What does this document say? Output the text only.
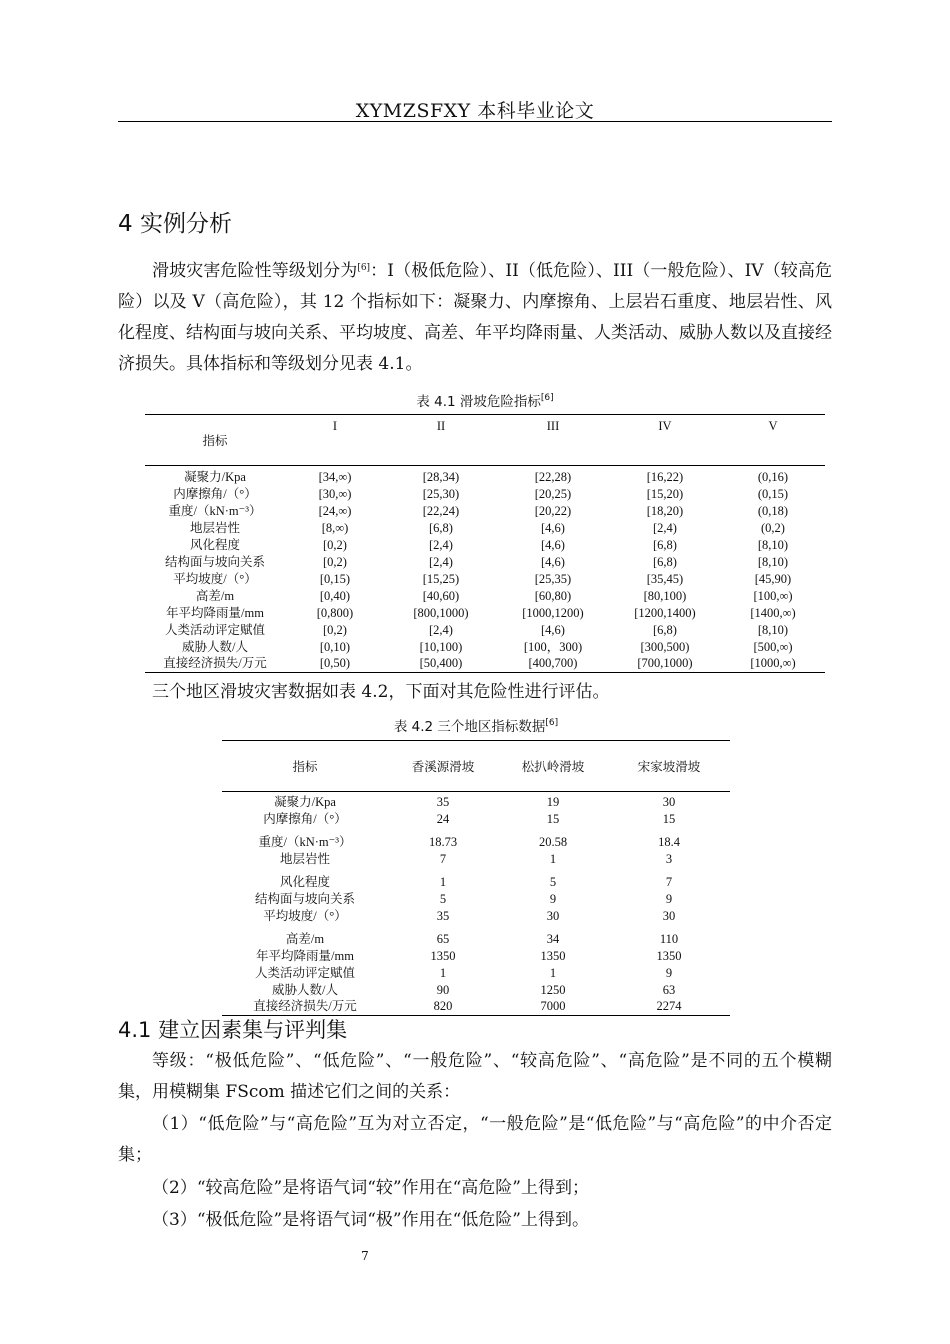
XYMZSFXY 本科毕业论文
4 实例分析
滑坡灾害危险性等级划分为[6]：I（极低危险）、II（低危险）、III（一般危险）、IV（较高危险）以及 V（高危险），其 12 个指标如下：凝聚力、内摩擦角、上层岩石重度、地层岩性、风化程度、结构面与坡向关系、平均坡度、高差、年平均降雨量、人类活动、威胁人数以及直接经济损失。具体指标和等级划分见表 4.1。
表 4.1 滑坡危险指标[6]
指标	I	II	III	IV	V
凝聚力/Kpa	[34,∞)	[28,34)	[22,28)	[16,22)	(0,16)
内摩擦角/（°）	[30,∞)	[25,30)	[20,25)	[15,20)	(0,15)
重度/（kN·m⁻³）	[24,∞)	[22,24)	[20,22)	[18,20)	(0,18)
地层岩性	[8,∞)	[6,8)	[4,6)	[2,4)	(0,2)
风化程度	[0,2)	[2,4)	[4,6)	[6,8)	[8,10)
结构面与坡向关系	[0,2)	[2,4)	[4,6)	[6,8)	[8,10)
平均坡度/（°）	[0,15)	[15,25)	[25,35)	[35,45)	[45,90)
高差/m	[0,40)	[40,60)	[60,80)	[80,100)	[100,∞)
年平均降雨量/mm	[0,800)	[800,1000)	[1000,1200)	[1200,1400)	[1400,∞)
人类活动评定赋值	[0,2)	[2,4)	[4,6)	[6,8)	[8,10)
威胁人数/人	[0,10)	[10,100)	[100，300)	[300,500)	[500,∞)
直接经济损失/万元	[0,50)	[50,400)	[400,700)	[700,1000)	[1000,∞)
三个地区滑坡灾害数据如表 4.2，下面对其危险性进行评估。
表 4.2 三个地区指标数据[6]
指标	香溪源滑坡	松扒岭滑坡	宋家坡滑坡
凝聚力/Kpa	35	19	30
内摩擦角/（°）	24	15	15
重度/（kN·m⁻³）	18.73	20.58	18.4
地层岩性	7	1	3
风化程度	1	5	7
结构面与坡向关系	5	9	9
平均坡度/（°）	35	30	30
高差/m	65	34	110
年平均降雨量/mm	1350	1350	1350
人类活动评定赋值	1	1	9
威胁人数/人	90	1250	63
直接经济损失/万元	820	7000	2274
4.1 建立因素集与评判集
等级：“极低危险”、“低危险”、“一般危险”、“较高危险”、“高危险”是不同的五个模糊集，用模糊集 FScom 描述它们之间的关系：
（1）“低危险”与“高危险”互为对立否定，“一般危险”是“低危险”与“高危险”的中介否定集；
（2）“较高危险”是将语气词“较”作用在“高危险”上得到；
（3）“极低危险”是将语气词“极”作用在“低危险”上得到。
7
